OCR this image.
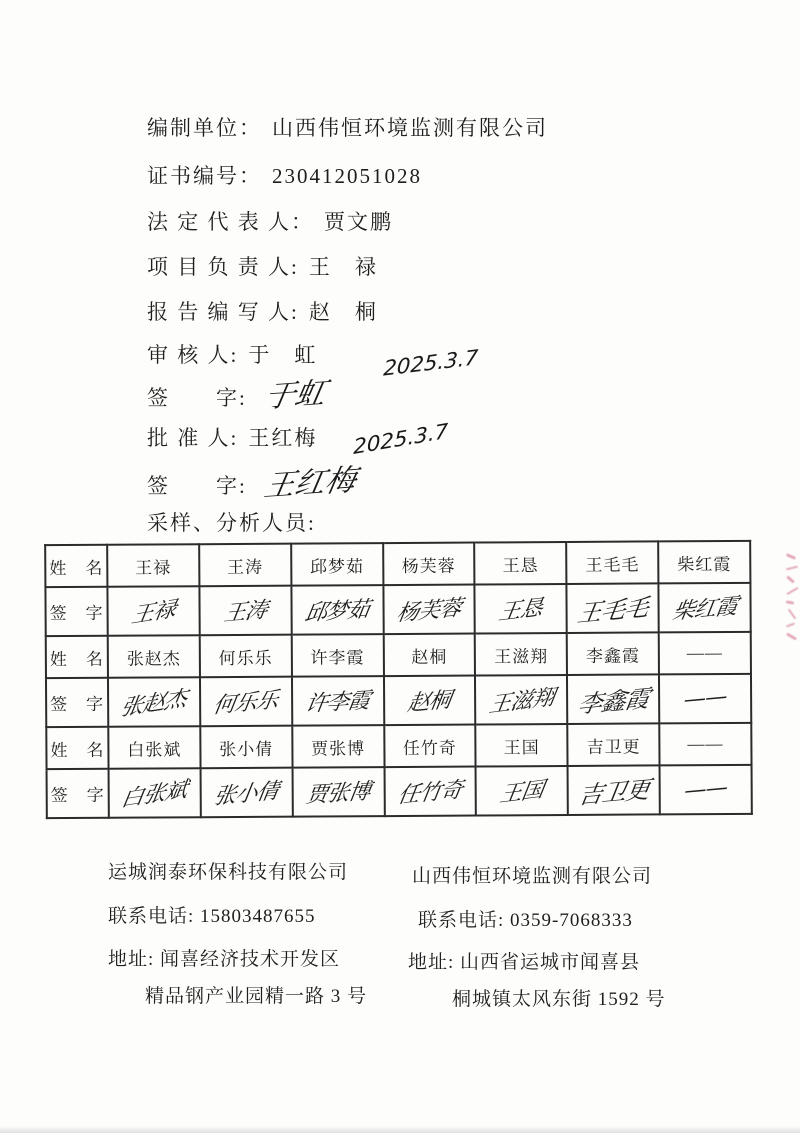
编制单位： 山西伟恒环境监测有限公司

证书编号： 230412051028

法 定 代 表 人： 贾文鹏

项 目 负 责 人: 王　禄

报 告 编 写 人: 赵　桐

审 核 人: 于　虹

签　　字: 于虹

2025.3.7

批 准 人: 王红梅

签　　字: 王红梅

2025.3.7

采样、分析人员:

姓　名	王禄	王涛	邱梦茹	杨芙蓉	王恳	王毛毛	柴红霞
签　字	王禄	王涛	邱梦茹	杨芙蓉	王恳	王毛毛	柴红霞
姓　名	张赵杰	何乐乐	许李霞	赵桐	王滋翔	李鑫霞	——
签　字	张赵杰	何乐乐	许李霞	赵桐	王滋翔	李鑫霞	——
姓　名	白张斌	张小倩	贾张博	任竹奇	王国	吉卫更	——
签　字	白张斌	张小倩	贾张博	任竹奇	王国	吉卫更	——
运城润泰环保科技有限公司
联系电话: 15803487655
地址: 闻喜经济技术开发区
精品钢产业园精一路 3 号
山西伟恒环境监测有限公司
联系电话: 0359-7068333
地址: 山西省运城市闻喜县
桐城镇太风东街 1592 号
